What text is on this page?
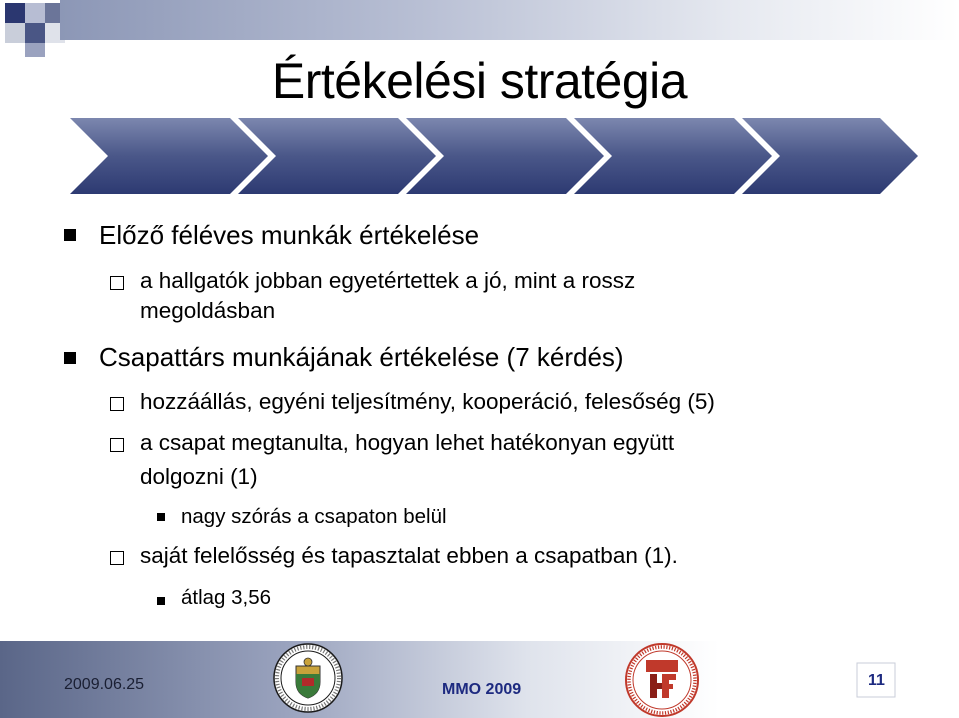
Értékelési stratégia
Előző féléves munkák értékelése
a hallgatók jobban egyetértettek a jó, mint a rossz
megoldásban
Csapattárs munkájának értékelése (7 kérdés)
hozzáállás, egyéni teljesítmény, kooperáció, felesőség (5)
a csapat megtanulta, hogyan lehet hatékonyan együtt
dolgozni (1)
nagy szórás a csapaton belül
saját felelősség és tapasztalat ebben a csapatban (1).
átlag 3,56
2009.06.25	MMO 2009
11
